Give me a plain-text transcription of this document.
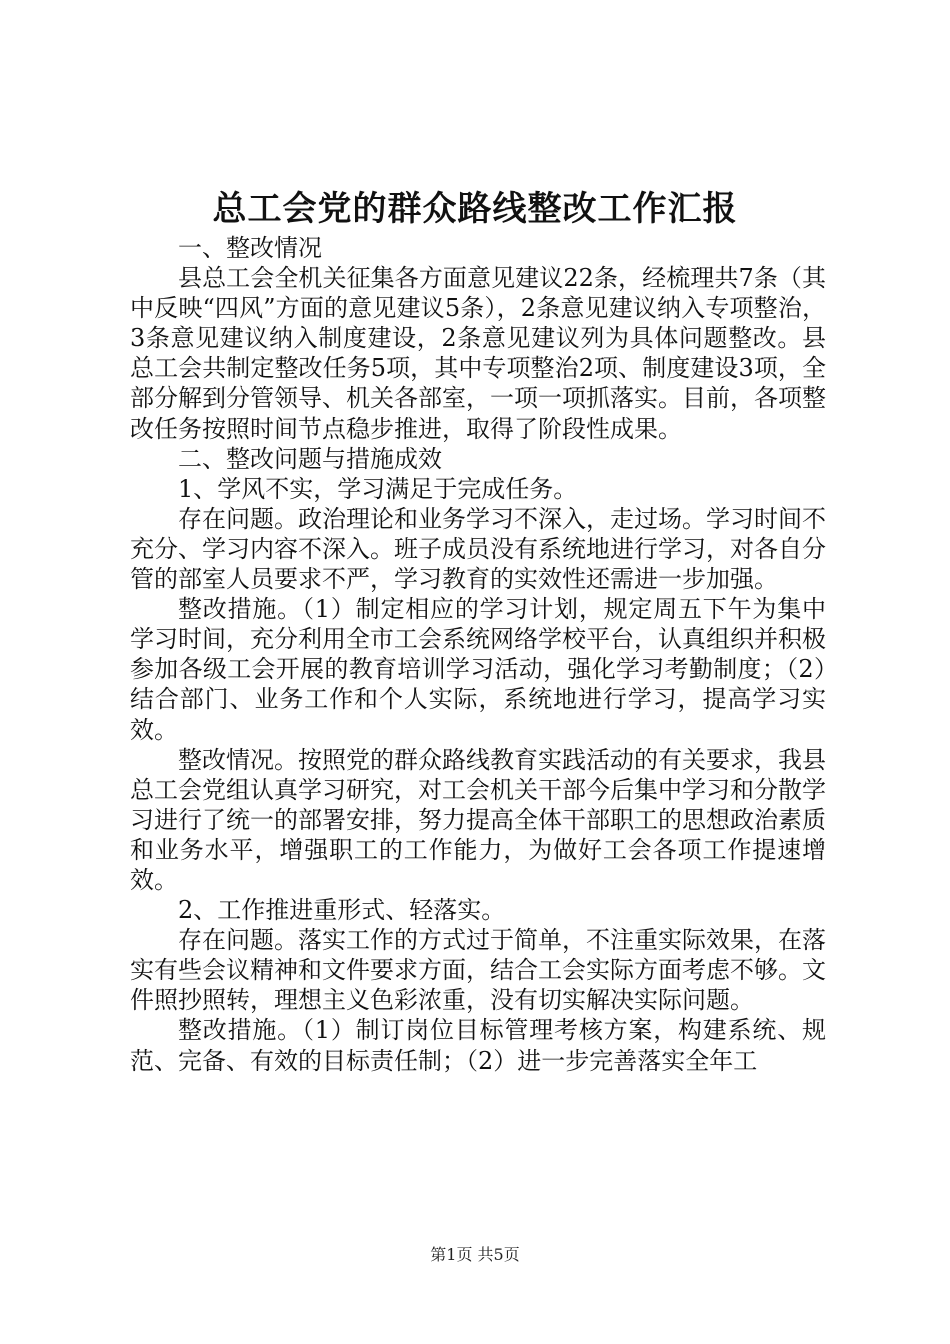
总工会党的群众路线整改工作汇报

一、整改情况

县总工会全机关征集各方面意见建议22条，经梳理共7条（其中反映“四风”方面的意见建议5条），2条意见建议纳入专项整治，3条意见建议纳入制度建设，2条意见建议列为具体问题整改。县总工会共制定整改任务5项，其中专项整治2项、制度建设3项，全部分解到分管领导、机关各部室，一项一项抓落实。目前，各项整改任务按照时间节点稳步推进，取得了阶段性成果。

二、整改问题与措施成效

1、学风不实，学习满足于完成任务。

存在问题。政治理论和业务学习不深入，走过场。学习时间不充分、学习内容不深入。班子成员没有系统地进行学习，对各自分管的部室人员要求不严，学习教育的实效性还需进一步加强。

整改措施。（1）制定相应的学习计划，规定周五下午为集中学习时间，充分利用全市工会系统网络学校平台，认真组织并积极参加各级工会开展的教育培训学习活动，强化学习考勤制度；（2）结合部门、业务工作和个人实际，系统地进行学习，提高学习实效。

整改情况。按照党的群众路线教育实践活动的有关要求，我县总工会党组认真学习研究，对工会机关干部今后集中学习和分散学习进行了统一的部署安排，努力提高全体干部职工的思想政治素质和业务水平，增强职工的工作能力，为做好工会各项工作提速增效。

2、工作推进重形式、轻落实。

存在问题。落实工作的方式过于简单，不注重实际效果，在落实有些会议精神和文件要求方面，结合工会实际方面考虑不够。文件照抄照转，理想主义色彩浓重，没有切实解决实际问题。

整改措施。（1）制订岗位目标管理考核方案，构建系统、规范、完备、有效的目标责任制；（2）进一步完善落实全年工

第1页 共5页
